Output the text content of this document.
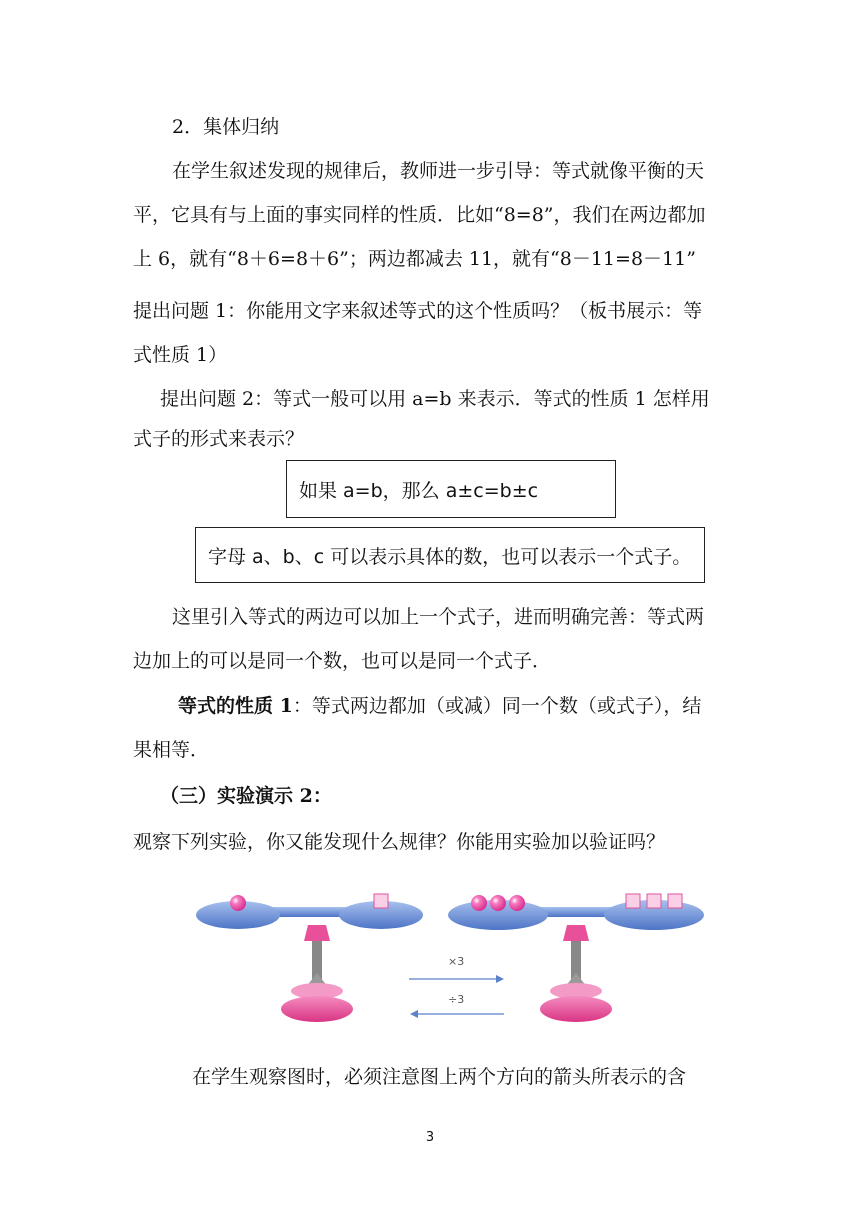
2．集体归纳
在学生叙述发现的规律后，教师进一步引导：等式就像平衡的天
平，它具有与上面的事实同样的性质．比如“8=8”，我们在两边都加
上 6，就有“8＋6=8＋6”；两边都减去 11，就有“8－11=8－11”
提出问题 1：你能用文字来叙述等式的这个性质吗？（板书展示：等
式性质 1）
提出问题 2：等式一般可以用 a=b 来表示．等式的性质 1 怎样用
式子的形式来表示？
如果 a=b，那么 a±c=b±c
字母 a、b、c 可以表示具体的数，也可以表示一个式子。
这里引入等式的两边可以加上一个式子，进而明确完善：等式两
边加上的可以是同一个数，也可以是同一个式子．
等式的性质 1：等式两边都加（或减）同一个数（或式子），结
果相等．
（三）实验演示 2：
观察下列实验，你又能发现什么规律？你能用实验加以验证吗？
×3
÷3
在学生观察图时，必须注意图上两个方向的箭头所表示的含
3
